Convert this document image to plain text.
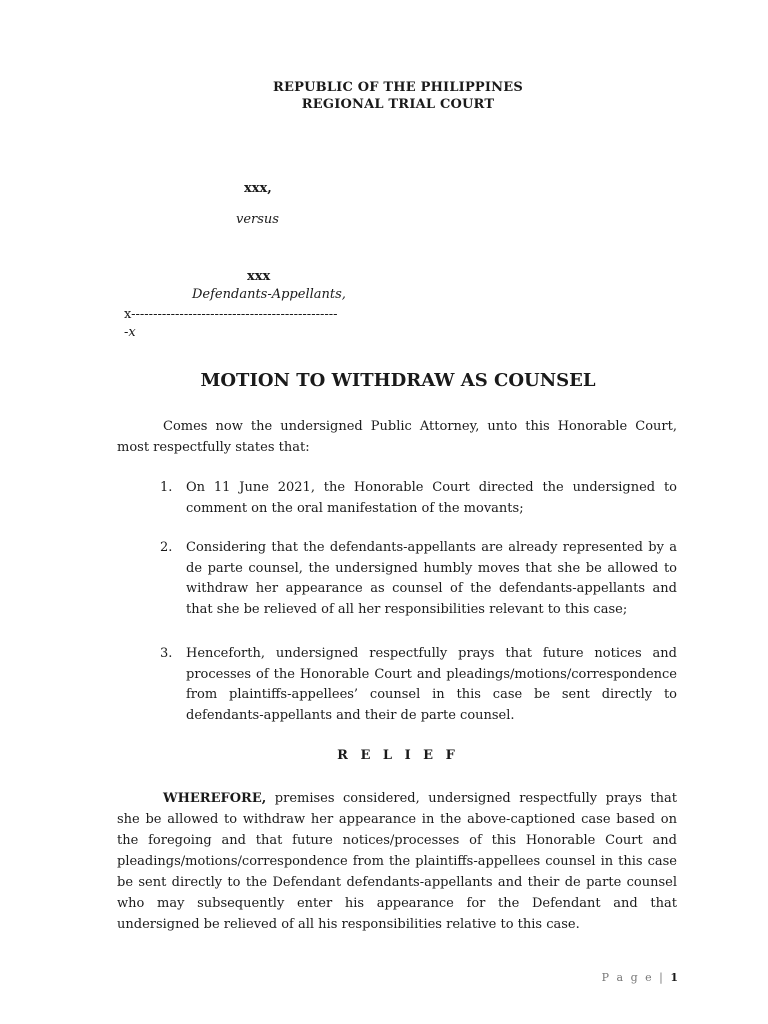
REPUBLIC OF THE PHILIPPINES
REGIONAL TRIAL COURT
xxx,
versus
xxx
Defendants-Appellants,
x-----------------------------------------------
-x
MOTION TO WITHDRAW AS COUNSEL
Comes now the undersigned Public Attorney, unto this Honorable Court, most respectfully states that:
1. On 11 June 2021, the Honorable Court directed the undersigned to comment on the oral manifestation of the movants;
2. Considering that the defendants-appellants are already represented by a de parte counsel, the undersigned humbly moves that she be allowed to withdraw her appearance as counsel of the defendants-appellants and that she be relieved of all her responsibilities relevant to this case;
3. Henceforth, undersigned respectfully prays that future notices and processes of the Honorable Court and pleadings/motions/correspondence from plaintiffs-appellees’ counsel in this case be sent directly to defendants-appellants and their de parte counsel.
R E L I E F
WHEREFORE, premises considered, undersigned respectfully prays that she be allowed to withdraw her appearance in the above-captioned case based on the foregoing and that future notices/processes of this Honorable Court and pleadings/motions/correspondence from the plaintiffs-appellees counsel in this case be sent directly to the Defendant defendants-appellants and their de parte counsel who may subsequently enter his appearance for the Defendant and that undersigned be relieved of all his responsibilities relative to this case.
P a g e | 1
